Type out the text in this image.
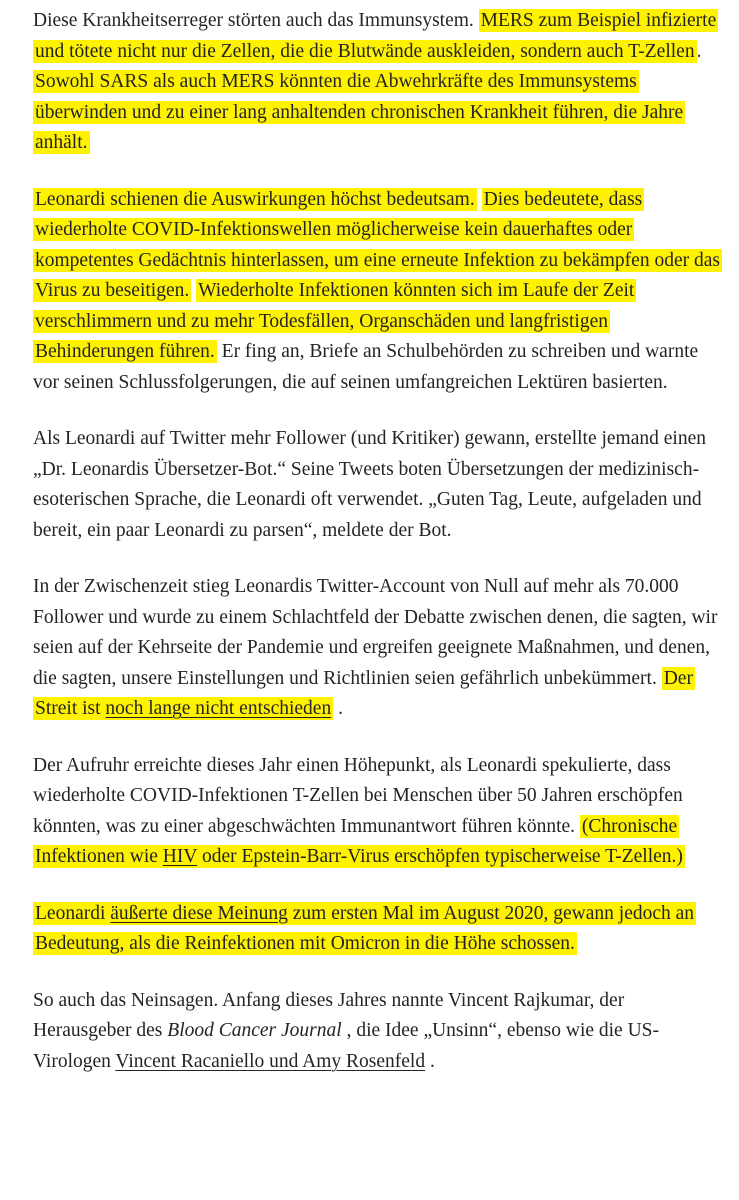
Diese Krankheitserreger störten auch das Immunsystem. MERS zum Beispiel infizierte und tötete nicht nur die Zellen, die die Blutwände auskleiden, sondern auch T-Zellen . Sowohl SARS als auch MERS könnten die Abwehrkräfte des Immunsystems überwinden und zu einer lang anhaltenden chronischen Krankheit führen, die Jahre anhält.

Leonardi schienen die Auswirkungen höchst bedeutsam. Dies bedeutete, dass wiederholte COVID-Infektionswellen möglicherweise kein dauerhaftes oder kompetentes Gedächtnis hinterlassen, um eine erneute Infektion zu bekämpfen oder das Virus zu beseitigen. Wiederholte Infektionen könnten sich im Laufe der Zeit verschlimmern und zu mehr Todesfällen, Organschäden und langfristigen Behinderungen führen. Er fing an, Briefe an Schulbehörden zu schreiben und warnte vor seinen Schlussfolgerungen, die auf seinen umfangreichen Lektüren basierten.

Als Leonardi auf Twitter mehr Follower (und Kritiker) gewann, erstellte jemand einen „Dr. Leonardis Übersetzer-Bot.“ Seine Tweets boten Übersetzungen der medizinisch-esoterischen Sprache, die Leonardi oft verwendet. „Guten Tag, Leute, aufgeladen und bereit, ein paar Leonardi zu parsen“, meldete der Bot.

In der Zwischenzeit stieg Leonardis Twitter-Account von Null auf mehr als 70.000 Follower und wurde zu einem Schlachtfeld der Debatte zwischen denen, die sagten, wir seien auf der Kehrseite der Pandemie und ergreifen geeignete Maßnahmen, und denen, die sagten, unsere Einstellungen und Richtlinien seien gefährlich unbekümmert. Der Streit ist noch lange nicht entschieden .

Der Aufruhr erreichte dieses Jahr einen Höhepunkt, als Leonardi spekulierte, dass wiederholte COVID-Infektionen T-Zellen bei Menschen über 50 Jahren erschöpfen könnten, was zu einer abgeschwächten Immunantwort führen könnte. (Chronische Infektionen wie HIV oder Epstein-Barr-Virus erschöpfen typischerweise T-Zellen.)

Leonardi äußerte diese Meinung zum ersten Mal im August 2020, gewann jedoch an Bedeutung, als die Reinfektionen mit Omicron in die Höhe schossen.

So auch das Neinsagen. Anfang dieses Jahres nannte Vincent Rajkumar, der Herausgeber des Blood Cancer Journal , die Idee „Unsinn“, ebenso wie die US-Virologen Vincent Racaniello und Amy Rosenfeld .
